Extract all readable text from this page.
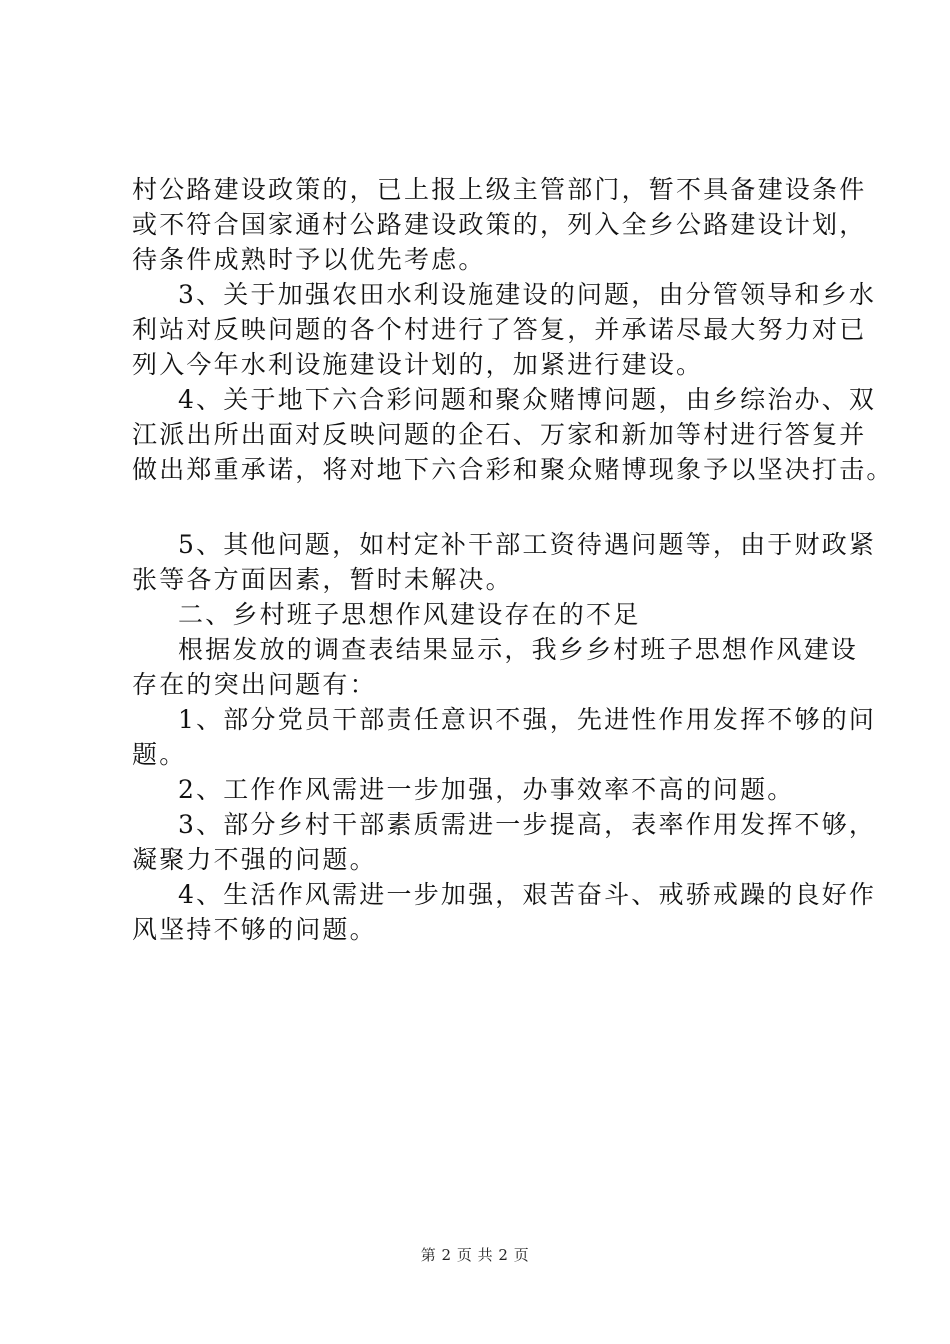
村公路建设政策的，已上报上级主管部门，暂不具备建设条件
或不符合国家通村公路建设政策的，列入全乡公路建设计划，
待条件成熟时予以优先考虑。
3、关于加强农田水利设施建设的问题，由分管领导和乡水
利站对反映问题的各个村进行了答复，并承诺尽最大努力对已
列入今年水利设施建设计划的，加紧进行建设。
4、关于地下六合彩问题和聚众赌博问题，由乡综治办、双
江派出所出面对反映问题的企石、万家和新加等村进行答复并
做出郑重承诺，将对地下六合彩和聚众赌博现象予以坚决打击。
5、其他问题，如村定补干部工资待遇问题等，由于财政紧
张等各方面因素，暂时未解决。
二、乡村班子思想作风建设存在的不足
根据发放的调查表结果显示，我乡乡村班子思想作风建设
存在的突出问题有：
1、部分党员干部责任意识不强，先进性作用发挥不够的问
题。
2、工作作风需进一步加强，办事效率不高的问题。
3、部分乡村干部素质需进一步提高，表率作用发挥不够，
凝聚力不强的问题。
4、生活作风需进一步加强，艰苦奋斗、戒骄戒躁的良好作
风坚持不够的问题。
第 2 页 共 2 页
